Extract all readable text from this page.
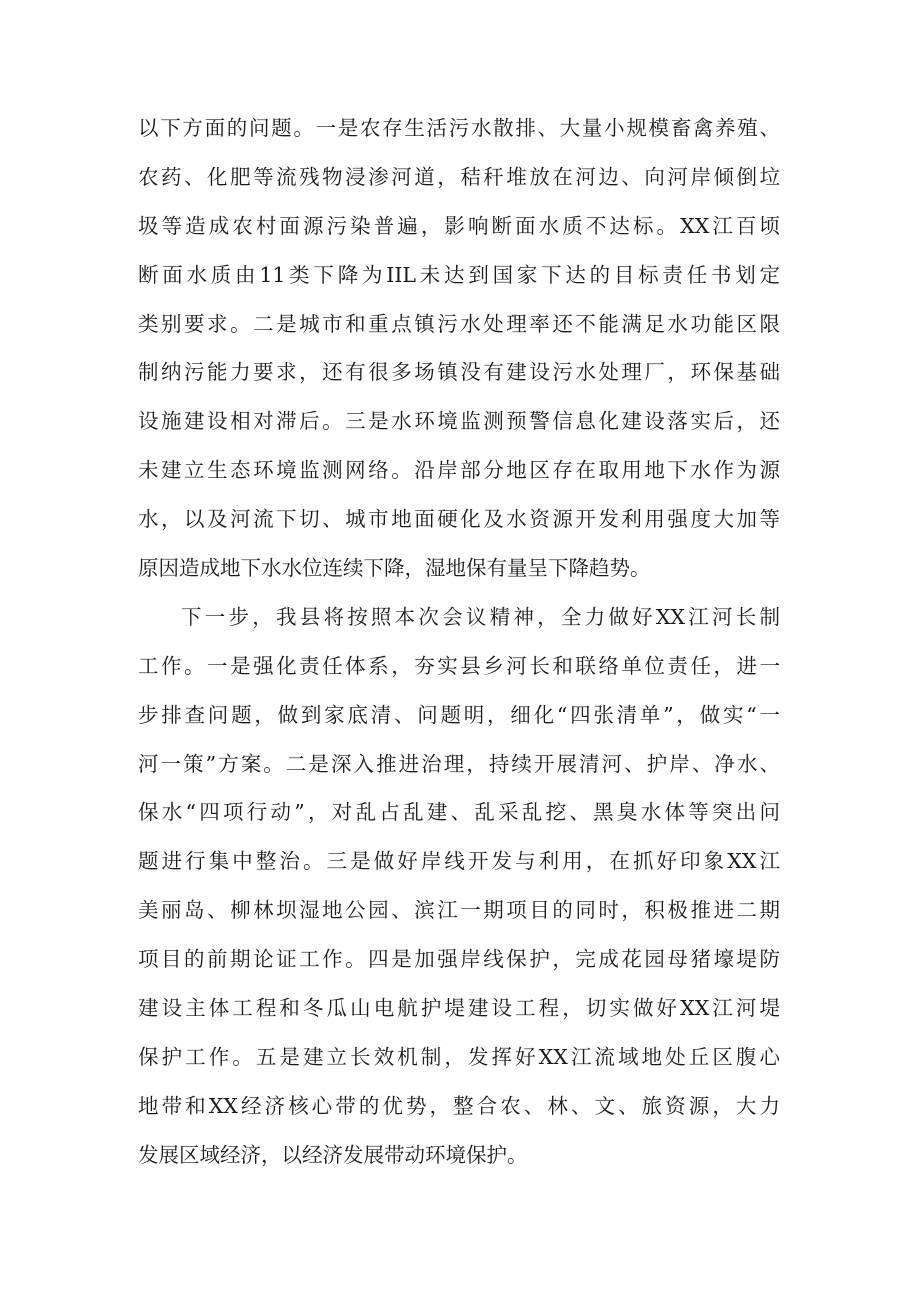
以下方面的问题。一是农存生活污水散排、大量小规模畜禽养殖、
农药、化肥等流残物浸渗河道，秸秆堆放在河边、向河岸倾倒垃
圾等造成农村面源污染普遍，影响断面水质不达标。XX江百顷
断面水质由11类下降为IIL未达到国家下达的目标责任书划定
类别要求。二是城市和重点镇污水处理率还不能满足水功能区限
制纳污能力要求，还有很多场镇没有建设污水处理厂，环保基础
设施建设相对滞后。三是水环境监测预警信息化建设落实后，还
未建立生态环境监测网络。沿岸部分地区存在取用地下水作为源
水，以及河流下切、城市地面硬化及水资源开发利用强度大加等
原因造成地下水水位连续下降，湿地保有量呈下降趋势。
下一步，我县将按照本次会议精神，全力做好XX江河长制
工作。一是强化责任体系，夯实县乡河长和联络单位责任，进一
步排查问题，做到家底清、问题明，细化“四张清单”，做实“一
河一策”方案。二是深入推进治理，持续开展清河、护岸、净水、
保水“四项行动”，对乱占乱建、乱采乱挖、黑臭水体等突出问
题进行集中整治。三是做好岸线开发与利用，在抓好印象XX江
美丽岛、柳林坝湿地公园、滨江一期项目的同时，积极推进二期
项目的前期论证工作。四是加强岸线保护，完成花园母猪壕堤防
建设主体工程和冬瓜山电航护堤建设工程，切实做好XX江河堤
保护工作。五是建立长效机制，发挥好XX江流域地处丘区腹心
地带和XX经济核心带的优势，整合农、林、文、旅资源，大力
发展区域经济，以经济发展带动环境保护。
